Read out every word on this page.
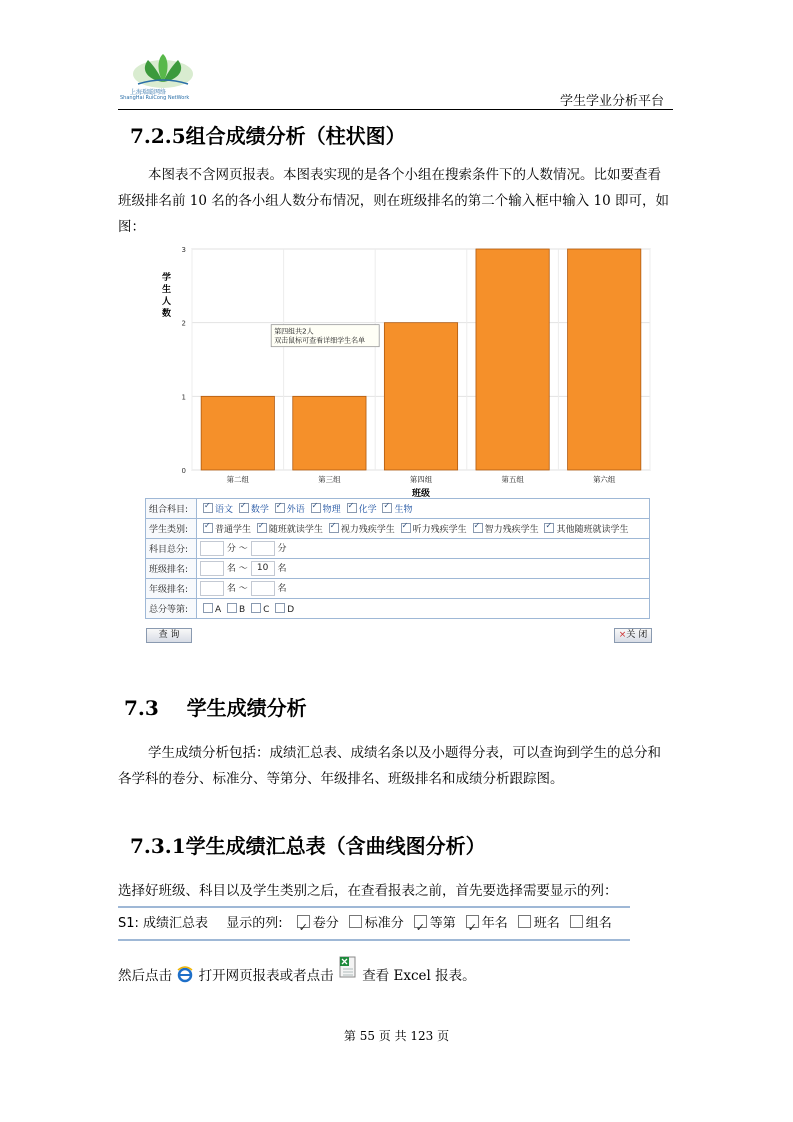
上海瑞聪网络
ShangHai RuiCong NetWork	学生学业分析平台
7.2.5组合成绩分析（柱状图）
本图表不含网页报表。本图表实现的是各个小组在搜索条件下的人数情况。比如要查看
班级排名前 10 名的各小组人数分布情况，则在班级排名的第二个输入框中输入 10 即可，如
图：
学生人数
班级
0
1
2
3
第二组	第三组	第四组	第五组	第六组
第四组共2人
双击鼠标可查看详细学生名单
组合科目:	✓语文 ✓ 数学 ✓ 外语 ✓ 物理 ✓ 化学 ✓ 生物
学生类别:	✓普通学生 ✓ 随班就读学生 ✓ 视力残疾学生 ✓ 听力残疾学生 ✓ 智力残疾学生 ✓ 其他随班就读学生
科目总分:	分 ～ 分
班级排名:	名 ～ 10 名
年级排名:	名 ～ 名
总分等第:	A B C D
查 询	×关 闭
7.3    学生成绩分析
学生成绩分析包括：成绩汇总表、成绩名条以及小题得分表，可以查询到学生的总分和
各学科的卷分、标准分、等第分、年级排名、班级排名和成绩分析跟踪图。
7.3.1学生成绩汇总表（含曲线图分析）
选择好班级、科目以及学生类别之后，在查看报表之前，首先要选择需要显示的列：
S1: 成绩汇总表 显示的列: ✓ 卷分 标准分 ✓ 等第 ✓ 年名 班名 组名
然后点击 打开网页报表或者点击 查看 Excel 报表。
第 55 页 共 123 页
